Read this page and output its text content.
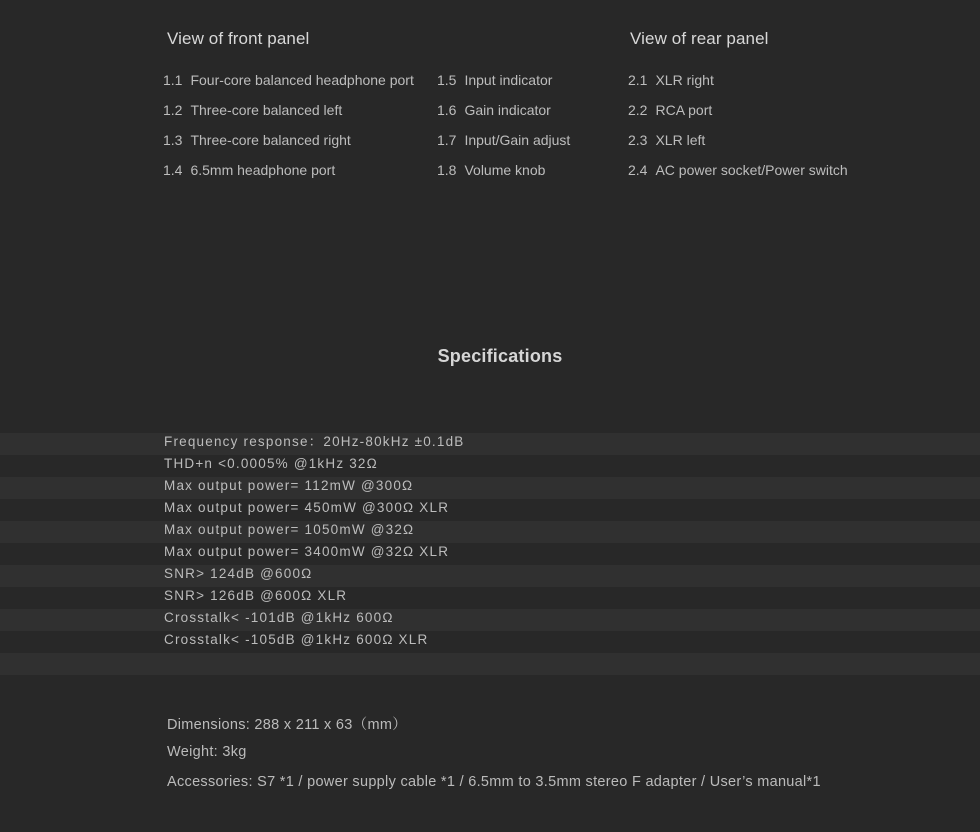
View of front panel
1.1 Four-core balanced headphone port
1.2 Three-core balanced left
1.3 Three-core balanced right
1.4 6.5mm headphone port
1.5 Input indicator
1.6 Gain indicator
1.7 Input/Gain adjust
1.8 Volume knob
View of rear panel
2.1 XLR right
2.2 RCA port
2.3 XLR left
2.4 AC power socket/Power switch
Specifications
Frequency response：20Hz-80kHz ±0.1dB
THD+n <0.0005% @1kHz 32Ω
Max output power= 112mW @300Ω
Max output power= 450mW @300Ω XLR
Max output power= 1050mW @32Ω
Max output power= 3400mW @32Ω XLR
SNR> 124dB @600Ω
SNR> 126dB @600Ω XLR
Crosstalk< -101dB @1kHz 600Ω
Crosstalk< -105dB @1kHz 600Ω XLR
Dimensions: 288 x 211 x 63（mm）
Weight: 3kg
Accessories: S7 *1 / power supply cable *1 / 6.5mm to 3.5mm stereo F adapter / User’s manual*1
